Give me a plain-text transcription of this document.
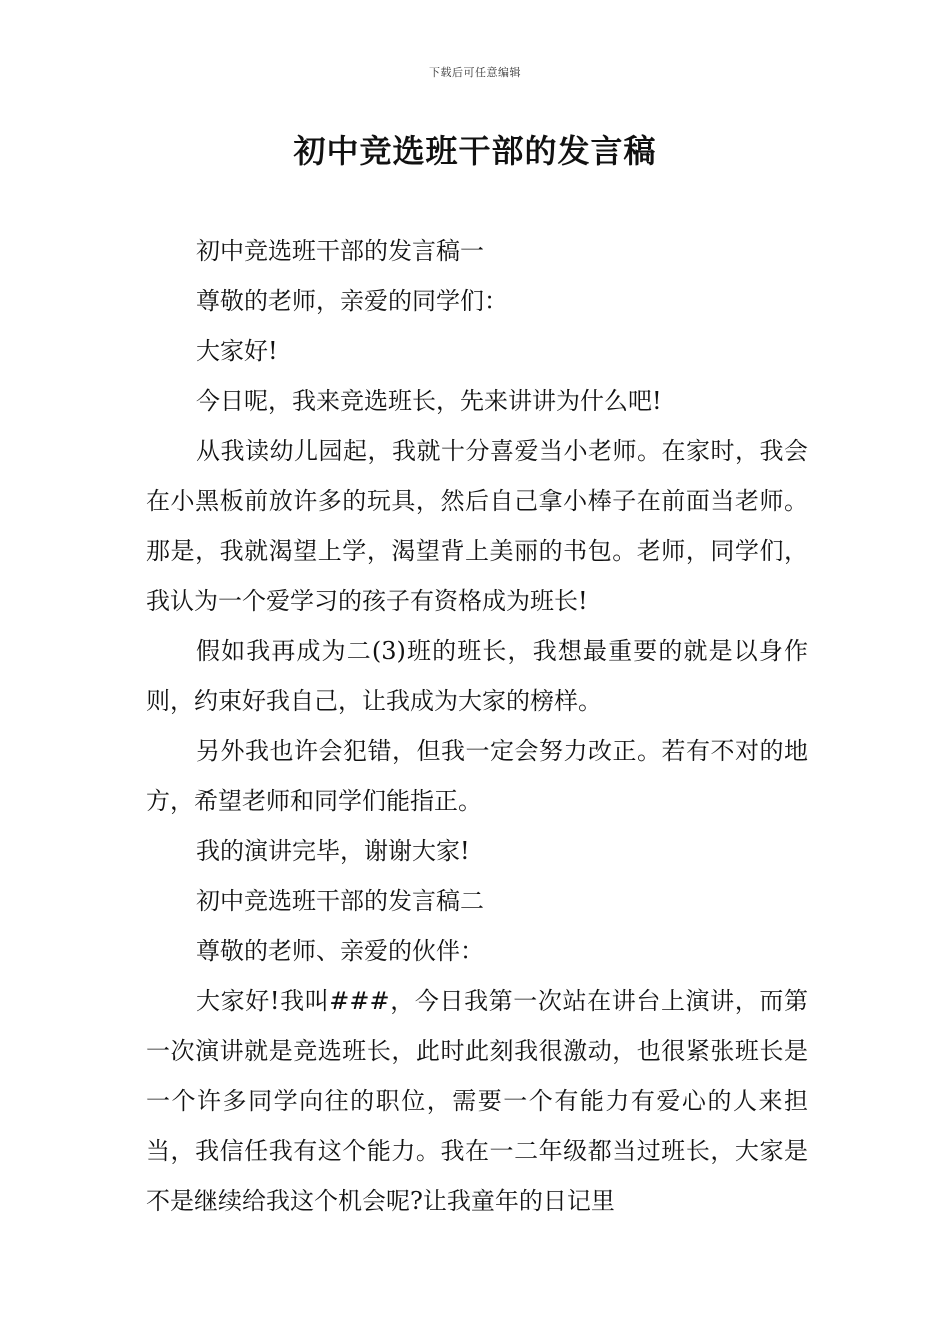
下载后可任意编辑
初中竞选班干部的发言稿

初中竞选班干部的发言稿一

尊敬的老师，亲爱的同学们：

大家好!

今日呢，我来竞选班长，先来讲讲为什么吧!

从我读幼儿园起，我就十分喜爱当小老师。在家时，我会在小黑板前放许多的玩具，然后自己拿小棒子在前面当老师。那是，我就渴望上学，渴望背上美丽的书包。老师，同学们，我认为一个爱学习的孩子有资格成为班长!

假如我再成为二(3)班的班长，我想最重要的就是以身作则，约束好我自己，让我成为大家的榜样。

另外我也许会犯错，但我一定会努力改正。若有不对的地方，希望老师和同学们能指正。

我的演讲完毕，谢谢大家!

初中竞选班干部的发言稿二

尊敬的老师、亲爱的伙伴：

大家好!我叫###，今日我第一次站在讲台上演讲，而第一次演讲就是竞选班长，此时此刻我很激动，也很紧张班长是一个许多同学向往的职位，需要一个有能力有爱心的人来担当，我信任我有这个能力。我在一二年级都当过班长，大家是不是继续给我这个机会呢?让我童年的日记里
